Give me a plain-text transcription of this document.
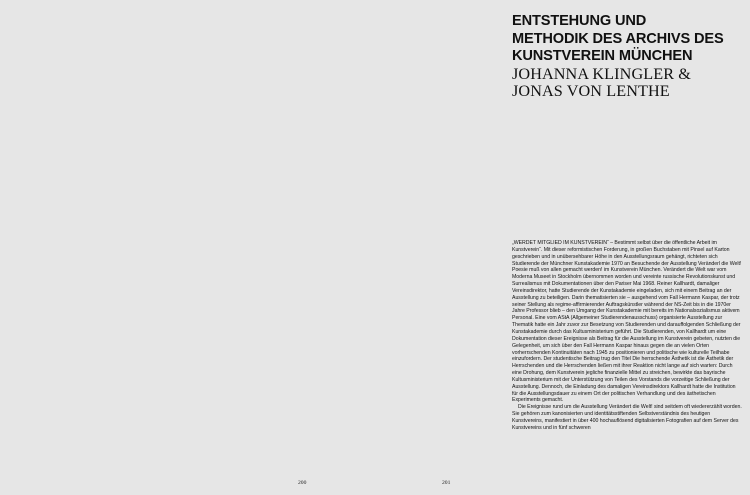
200
ENTSTEHUNG UND
METHODIK DES ARCHIVS DES
KUNSTVEREIN MÜNCHEN
JOHANNA KLINGLER &
JONAS VON LENTHE

„WERDET MITGLIED IM KUNSTVEREIN“ – Bestimmt selbst über die öffentliche Arbeit im Kunstverein“. Mit dieser reformistischen Forderung, in großen Buchstaben mit Pinsel auf Karton geschrieben und in unübersehbarer Höhe in den Ausstellungsraum gehängt, richteten sich Studierende der Münchner Kunstakademie 1970 an Besuchende der Ausstellung Veränderl die Welt! Poesie muß von allen gemacht werden! im Kunstverein München. Verändert die Welt war vom Moderna Museet in Stockholm übernommen worden und vereinte russische Revolutionskunst und Surrealismus mit Dokumentationen über den Pariser Mai 1968. Reiner Kallhardt, damaliger Vereinsdirektor, hatte Studierende der Kunstakademie eingeladen, sich mit einem Beitrag an der Ausstellung zu beteiligen. Darin thematisierten sie – ausgehend vom Fall Hermann Kaspar, der trotz seiner Stellung als regime-affirmierender Auftragskünstler während der NS-Zeit bis in die 1970er Jahre Professor blieb – den Umgang der Kunstakademie mit bereits im Nationalsozialismus aktivem Personal. Eine vom AStA (Allgemeiner Studierendenausschuss) organisierte Ausstellung zur Thematik hatte ein Jahr zuvor zur Besetzung von Studierenden und darauffolgenden Schließung der Kunstakademie durch das Kultusministerium geführt. Die Studierenden, von Kallhardt um eine Dokumentation dieser Ereignisse als Beitrag für die Ausstellung im Kunstverein gebeten, nutzten die Gelegenheit, um sich über den Fall Hermann Kaspar hinaus gegen die an vielen Orten vorherrschenden Kontinuitäten nach 1945 zu positionieren und politische wie kulturelle Teilhabe einzufordern. Der studentische Beitrag trug den Titel Die herrschende Ästhetik ist die Ästhetik der Herrschenden und die Herrschenden ließen mit ihrer Reaktion nicht lange auf sich warten: Durch eine Drohung, dem Kunstverein jegliche finanzielle Mittel zu streichen, bewirkte das bayrische Kultusministerium mit der Unterstützung von Teilen des Vorstands die vorzeitige Schließung der Ausstellung. Dennoch, die Einladung des damaligen Vereinsdirektors Kallhardt hatte die Institution für die Ausstellungsdauer zu einem Ort der politischen Verhandlung und des ästhetischen Experiments gemacht.

Die Ereignisse rund um die Ausstellung Verändert die Welt! sind seitdem oft wiedererzählt worden. Sie gehören zum kanonisierten und identitätsstiftenden Selbstverständnis des heutigen Kunstvereins, manifestiert in über 400 hochauflösend digitalisierten Fotografien auf dem Server des Kunstvereins und in fünf schweren

201
